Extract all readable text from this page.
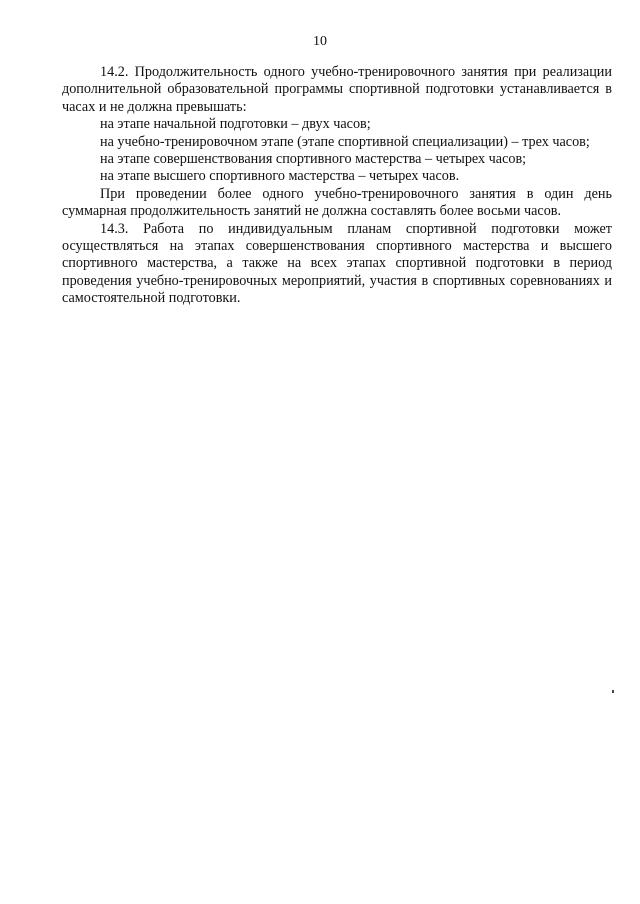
10

14.2. Продолжительность одного учебно-тренировочного занятия при реализации дополнительной образовательной программы спортивной подготовки устанавливается в часах и не должна превышать:

на этапе начальной подготовки – двух часов;

на учебно-тренировочном этапе (этапе спортивной специализации) – трех часов;

на этапе совершенствования спортивного мастерства – четырех часов;

на этапе высшего спортивного мастерства – четырех часов.

При проведении более одного учебно-тренировочного занятия в один день суммарная продолжительность занятий не должна составлять более восьми часов.

14.3. Работа по индивидуальным планам спортивной подготовки может осуществляться на этапах совершенствования спортивного мастерства и высшего спортивного мастерства, а также на всех этапах спортивной подготовки в период проведения учебно-тренировочных мероприятий, участия в спортивных соревнованиях и самостоятельной подготовки.
